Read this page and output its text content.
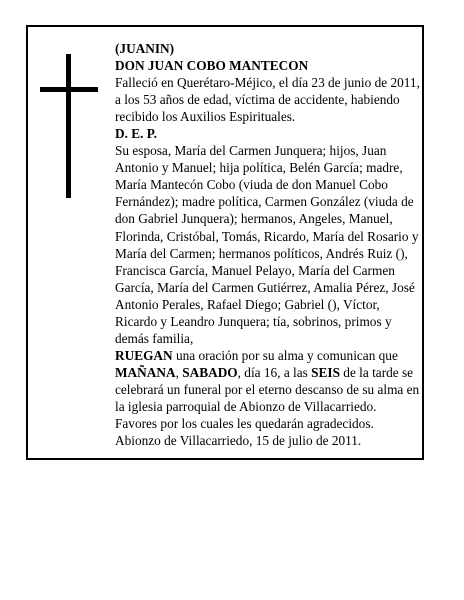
(JUANIN)

DON JUAN COBO MANTECON

Falleció en Querétaro-Méjico, el día 23 de junio de 2011, a los 53 años de edad, víctima de accidente, habiendo recibido los Auxilios Espirituales.

D. E. P.

Su esposa, María del Carmen Junquera; hijos, Juan Antonio y Manuel; hija política, Belén García; madre, María Mantecón Cobo (viuda de don Manuel Cobo Fernández); madre política, Carmen González (viuda de don Gabriel Junquera); hermanos, Angeles, Manuel, Florinda, Cristóbal, Tomás, Ricardo, María del Rosario y María del Carmen; hermanos políticos, Andrés Ruiz (), Francisca García, Manuel Pelayo, María del Carmen García, María del Carmen Gutiérrez, Amalia Pérez, José Antonio Perales, Rafael Diego; Gabriel (), Víctor, Ricardo y Leandro Junquera; tía, sobrinos, primos y demás familia,

RUEGAN una oración por su alma y comunican que MAÑANA, SABADO, día 16, a las SEIS de la tarde se celebrará un funeral por el eterno descanso de su alma en la iglesia parroquial de Abionzo de Villacarriedo.

Favores por los cuales les quedarán agradecidos.

Abionzo de Villacarriedo, 15 de julio de 2011.
